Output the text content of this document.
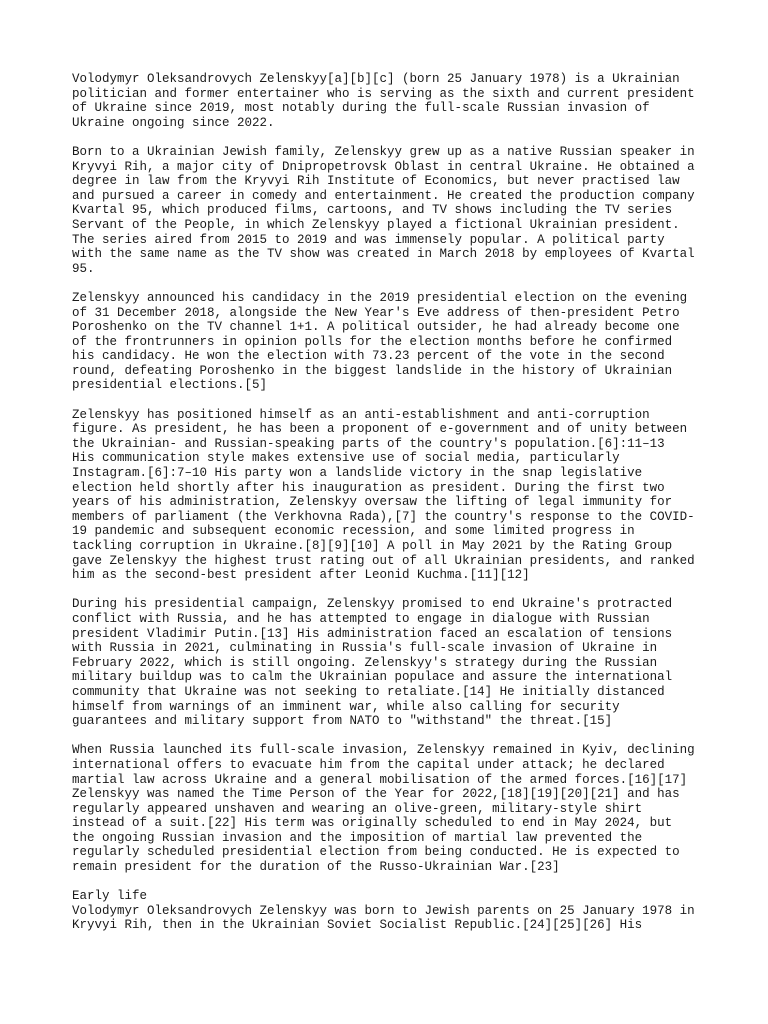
Volodymyr Oleksandrovych Zelenskyy[a][b][c] (born 25 January 1978) is a Ukrainian
politician and former entertainer who is serving as the sixth and current president
of Ukraine since 2019, most notably during the full-scale Russian invasion of
Ukraine ongoing since 2022.

Born to a Ukrainian Jewish family, Zelenskyy grew up as a native Russian speaker in
Kryvyi Rih, a major city of Dnipropetrovsk Oblast in central Ukraine. He obtained a
degree in law from the Kryvyi Rih Institute of Economics, but never practised law
and pursued a career in comedy and entertainment. He created the production company
Kvartal 95, which produced films, cartoons, and TV shows including the TV series
Servant of the People, in which Zelenskyy played a fictional Ukrainian president.
The series aired from 2015 to 2019 and was immensely popular. A political party
with the same name as the TV show was created in March 2018 by employees of Kvartal
95.

Zelenskyy announced his candidacy in the 2019 presidential election on the evening
of 31 December 2018, alongside the New Year's Eve address of then-president Petro
Poroshenko on the TV channel 1+1. A political outsider, he had already become one
of the frontrunners in opinion polls for the election months before he confirmed
his candidacy. He won the election with 73.23 percent of the vote in the second
round, defeating Poroshenko in the biggest landslide in the history of Ukrainian
presidential elections.[5]

Zelenskyy has positioned himself as an anti-establishment and anti-corruption
figure. As president, he has been a proponent of e-government and of unity between
the Ukrainian- and Russian-speaking parts of the country's population.[6]:11–13
His communication style makes extensive use of social media, particularly
Instagram.[6]:7–10 His party won a landslide victory in the snap legislative
election held shortly after his inauguration as president. During the first two
years of his administration, Zelenskyy oversaw the lifting of legal immunity for
members of parliament (the Verkhovna Rada),[7] the country's response to the COVID-
19 pandemic and subsequent economic recession, and some limited progress in
tackling corruption in Ukraine.[8][9][10] A poll in May 2021 by the Rating Group
gave Zelenskyy the highest trust rating out of all Ukrainian presidents, and ranked
him as the second-best president after Leonid Kuchma.[11][12]

During his presidential campaign, Zelenskyy promised to end Ukraine's protracted
conflict with Russia, and he has attempted to engage in dialogue with Russian
president Vladimir Putin.[13] His administration faced an escalation of tensions
with Russia in 2021, culminating in Russia's full-scale invasion of Ukraine in
February 2022, which is still ongoing. Zelenskyy's strategy during the Russian
military buildup was to calm the Ukrainian populace and assure the international
community that Ukraine was not seeking to retaliate.[14] He initially distanced
himself from warnings of an imminent war, while also calling for security
guarantees and military support from NATO to "withstand" the threat.[15]

When Russia launched its full-scale invasion, Zelenskyy remained in Kyiv, declining
international offers to evacuate him from the capital under attack; he declared
martial law across Ukraine and a general mobilisation of the armed forces.[16][17]
Zelenskyy was named the Time Person of the Year for 2022,[18][19][20][21] and has
regularly appeared unshaven and wearing an olive-green, military-style shirt
instead of a suit.[22] His term was originally scheduled to end in May 2024, but
the ongoing Russian invasion and the imposition of martial law prevented the
regularly scheduled presidential election from being conducted. He is expected to
remain president for the duration of the Russo-Ukrainian War.[23]

Early life

Volodymyr Oleksandrovych Zelenskyy was born to Jewish parents on 25 January 1978 in
Kryvyi Rih, then in the Ukrainian Soviet Socialist Republic.[24][25][26] His
